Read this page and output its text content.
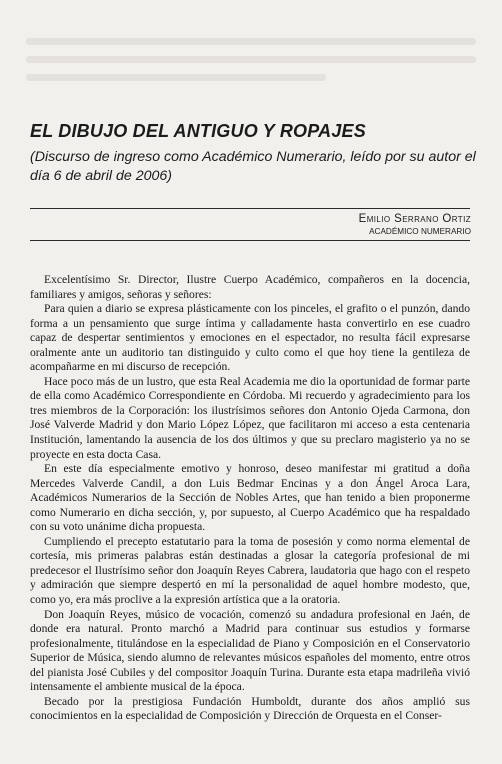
EL DIBUJO DEL ANTIGUO Y ROPAJES

(Discurso de ingreso como Académico Numerario, leído por su autor el día 6 de abril de 2006)

Emilio Serrano Ortiz
ACADÉMICO NUMERARIO

Excelentísimo Sr. Director, Ilustre Cuerpo Académico, compañeros en la docencia, familiares y amigos, señoras y señores:

Para quien a diario se expresa plásticamente con los pinceles, el grafito o el punzón, dando forma a un pensamiento que surge íntima y calladamente hasta convertirlo en ese cuadro capaz de despertar sentimientos y emociones en el espectador, no resulta fácil expresarse oralmente ante un auditorio tan distinguido y culto como el que hoy tiene la gentileza de acompañarme en mi discurso de recepción.

Hace poco más de un lustro, que esta Real Academia me dio la oportunidad de formar parte de ella como Académico Correspondiente en Córdoba. Mi recuerdo y agradecimiento para los tres miembros de la Corporación: los ilustrísimos señores don Antonio Ojeda Carmona, don José Valverde Madrid y don Mario López López, que facilitaron mi acceso a esta centenaria Institución, lamentando la ausencia de los dos últimos y que su preclaro magisterio ya no se proyecte en esta docta Casa.

En este día especialmente emotivo y honroso, deseo manifestar mi gratitud a doña Mercedes Valverde Candil, a don Luis Bedmar Encinas y a don Ángel Aroca Lara, Académicos Numerarios de la Sección de Nobles Artes, que han tenido a bien proponerme como Numerario en dicha sección, y, por supuesto, al Cuerpo Académico que ha respaldado con su voto unánime dicha propuesta.

Cumpliendo el precepto estatutario para la toma de posesión y como norma elemental de cortesía, mis primeras palabras están destinadas a glosar la categoría profesional de mi predecesor el Ilustrísimo señor don Joaquín Reyes Cabrera, laudatoria que hago con el respeto y admiración que siempre despertó en mí la personalidad de aquel hombre modesto, que, como yo, era más proclive a la expresión artística que a la oratoria.

Don Joaquín Reyes, músico de vocación, comenzó su andadura profesional en Jaén, de donde era natural. Pronto marchó a Madrid para continuar sus estudios y formarse profesionalmente, titulándose en la especialidad de Piano y Composición en el Conservatorio Superior de Música, siendo alumno de relevantes músicos españoles del momento, entre otros del pianista José Cubiles y del compositor Joaquín Turina. Durante esta etapa madrileña vivió intensamente el ambiente musical de la época.

Becado por la prestigiosa Fundación Humboldt, durante dos años amplió sus conocimientos en la especialidad de Composición y Dirección de Orquesta en el Conser-
